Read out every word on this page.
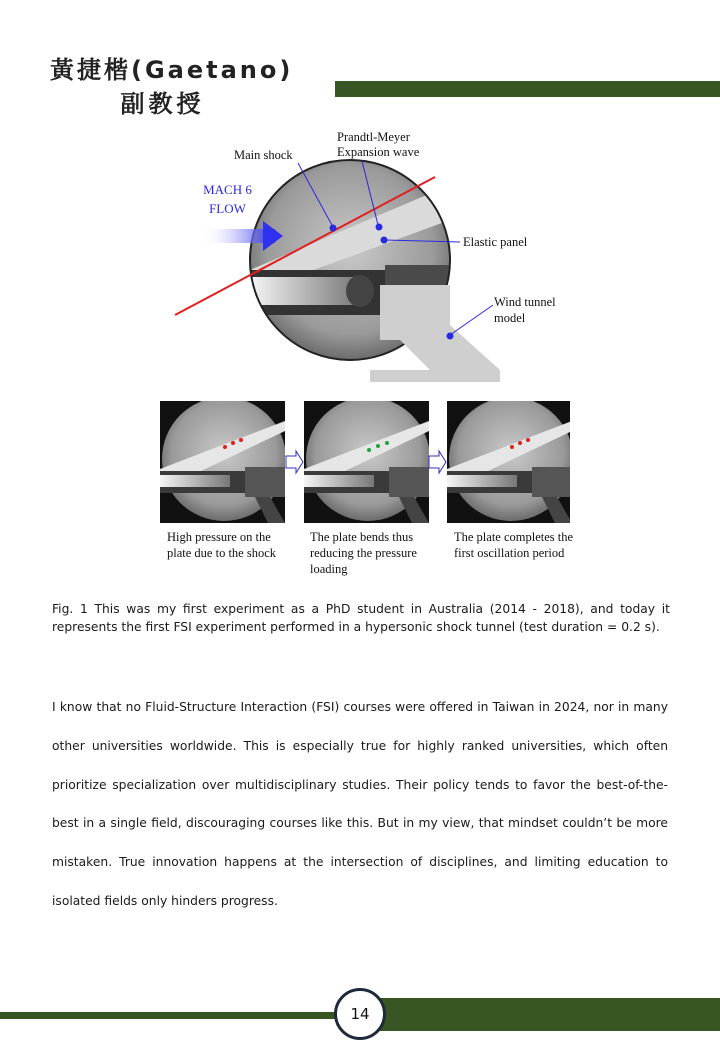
黃捷楷(Gaetano)
副教授
Main shock
Prandtl-Meyer
Expansion wave
MACH 6
FLOW
Elastic panel
Wind tunnel
model
High pressure on the plate due to the shock
The plate bends thus reducing the pressure loading
The plate completes the first oscillation period
Fig. 1 This was my first experiment as a PhD student in Australia (2014 - 2018), and today it represents the first FSI experiment performed in a hypersonic shock tunnel (test duration = 0.2 s).
I know that no Fluid-Structure Interaction (FSI) courses were offered in Taiwan in 2024, nor in many other universities worldwide. This is especially true for highly ranked universities, which often prioritize specialization over multidisciplinary studies. Their policy tends to favor the best-of-the-best in a single field, discouraging courses like this. But in my view, that mindset couldn’t be more mistaken. True innovation happens at the intersection of disciplines, and limiting education to isolated fields only hinders progress.
14
